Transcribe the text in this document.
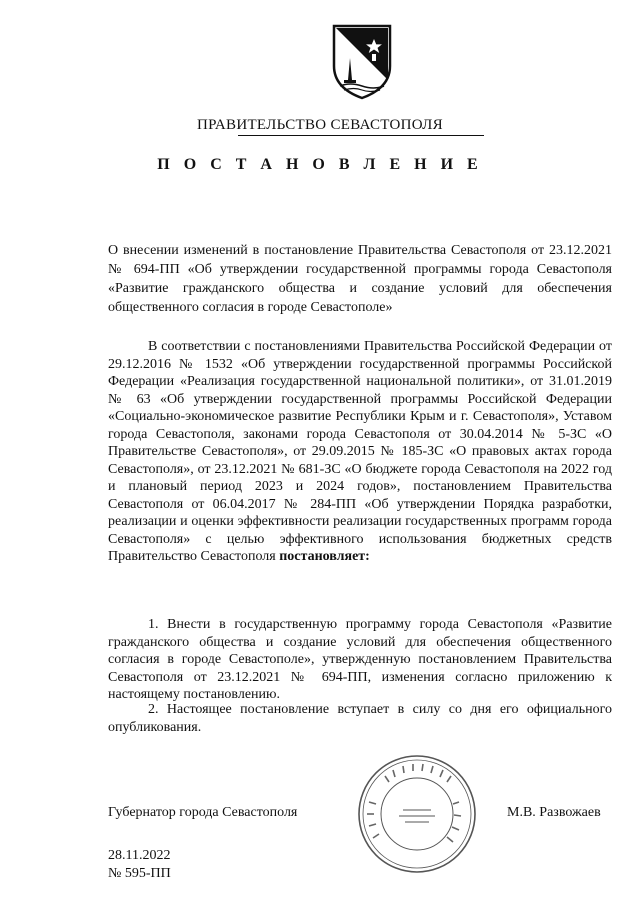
ПРАВИТЕЛЬСТВО СЕВАСТОПОЛЯ
П О С Т А Н О В Л Е Н И Е
О внесении изменений в постановление Правительства Севастополя от 23.12.2021 № 694-ПП «Об утверждении государственной программы города Севастополя «Развитие гражданского общества и создание условий для обеспечения общественного согласия в городе Севастополе»
В соответствии с постановлениями Правительства Российской Федерации от 29.12.2016 № 1532 «Об утверждении государственной программы Российской Федерации «Реализация государственной национальной политики», от 31.01.2019 № 63 «Об утверждении государственной программы Российской Федерации «Социально-экономическое развитие Республики Крым и г. Севастополя», Уставом города Севастополя, законами города Севастополя от 30.04.2014 № 5-ЗС «О Правительстве Севастополя», от 29.09.2015 № 185-ЗС «О правовых актах города Севастополя», от 23.12.2021 № 681-ЗС «О бюджете города Севастополя на 2022 год и плановый период 2023 и 2024 годов», постановлением Правительства Севастополя от 06.04.2017 № 284-ПП «Об утверждении Порядка разработки, реализации и оценки эффективности реализации государственных программ города Севастополя» с целью эффективного использования бюджетных средств Правительство Севастополя постановляет:
1. Внести в государственную программу города Севастополя «Развитие гражданского общества и создание условий для обеспечения общественного согласия в городе Севастополе», утвержденную постановлением Правительства Севастополя от 23.12.2021 № 694-ПП, изменения согласно приложению к настоящему постановлению.
2. Настоящее постановление вступает в силу со дня его официального опубликования.
Губернатор города Севастополя	М.В. Развожаев
28.11.2022
№ 595-ПП
